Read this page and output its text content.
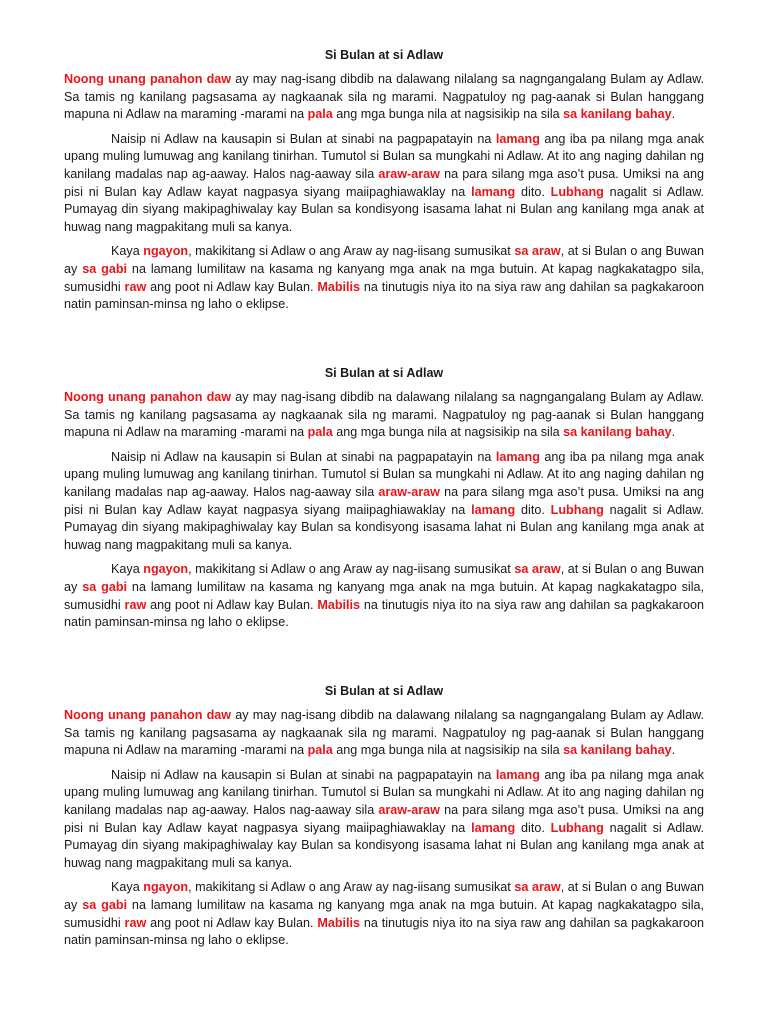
Si Bulan at si Adlaw

Noong unang panahon daw ay may nag-isang dibdib na dalawang nilalang sa nagngangalang Bulam ay Adlaw. Sa tamis ng kanilang pagsasama ay nagkaanak sila ng marami. Nagpatuloy ng pag-aanak si Bulan hanggang mapuna ni Adlaw na maraming -marami na pala ang mga bunga nila at nagsisikip na sila sa kanilang bahay.

Naisip ni Adlaw na kausapin si Bulan at sinabi na pagpapatayin na lamang ang iba pa nilang mga anak upang muling lumuwag ang kanilang tinirhan. Tumutol si Bulan sa mungkahi ni Adlaw. At ito ang naging dahilan ng kanilang madalas nap ag-aaway. Halos nag-aaway sila araw-araw na para silang mga aso’t pusa. Umiksi na ang pisi ni Bulan kay Adlaw kayat nagpasya siyang maiipaghiawaklay na lamang dito. Lubhang nagalit si Adlaw. Pumayag din siyang makipaghiwalay kay Bulan sa kondisyong isasama lahat ni Bulan ang kanilang mga anak at huwag nang magpakitang muli sa kanya.

Kaya ngayon, makikitang si Adlaw o ang Araw ay nag-iisang sumusikat sa araw, at si Bulan o ang Buwan ay sa gabi na lamang lumilitaw na kasama ng kanyang mga anak na mga butuin. At kapag nagkakatagpo sila, sumusidhi raw ang poot ni Adlaw kay Bulan. Mabilis na tinutugis niya ito na siya raw ang dahilan sa pagkakaroon natin paminsan-minsa ng laho o eklipse.

Si Bulan at si Adlaw

Noong unang panahon daw ay may nag-isang dibdib na dalawang nilalang sa nagngangalang Bulam ay Adlaw. Sa tamis ng kanilang pagsasama ay nagkaanak sila ng marami. Nagpatuloy ng pag-aanak si Bulan hanggang mapuna ni Adlaw na maraming -marami na pala ang mga bunga nila at nagsisikip na sila sa kanilang bahay.

Naisip ni Adlaw na kausapin si Bulan at sinabi na pagpapatayin na lamang ang iba pa nilang mga anak upang muling lumuwag ang kanilang tinirhan. Tumutol si Bulan sa mungkahi ni Adlaw. At ito ang naging dahilan ng kanilang madalas nap ag-aaway. Halos nag-aaway sila araw-araw na para silang mga aso’t pusa. Umiksi na ang pisi ni Bulan kay Adlaw kayat nagpasya siyang maiipaghiawaklay na lamang dito. Lubhang nagalit si Adlaw. Pumayag din siyang makipaghiwalay kay Bulan sa kondisyong isasama lahat ni Bulan ang kanilang mga anak at huwag nang magpakitang muli sa kanya.

Kaya ngayon, makikitang si Adlaw o ang Araw ay nag-iisang sumusikat sa araw, at si Bulan o ang Buwan ay sa gabi na lamang lumilitaw na kasama ng kanyang mga anak na mga butuin. At kapag nagkakatagpo sila, sumusidhi raw ang poot ni Adlaw kay Bulan. Mabilis na tinutugis niya ito na siya raw ang dahilan sa pagkakaroon natin paminsan-minsa ng laho o eklipse.

Si Bulan at si Adlaw

Noong unang panahon daw ay may nag-isang dibdib na dalawang nilalang sa nagngangalang Bulam ay Adlaw. Sa tamis ng kanilang pagsasama ay nagkaanak sila ng marami. Nagpatuloy ng pag-aanak si Bulan hanggang mapuna ni Adlaw na maraming -marami na pala ang mga bunga nila at nagsisikip na sila sa kanilang bahay.

Naisip ni Adlaw na kausapin si Bulan at sinabi na pagpapatayin na lamang ang iba pa nilang mga anak upang muling lumuwag ang kanilang tinirhan. Tumutol si Bulan sa mungkahi ni Adlaw. At ito ang naging dahilan ng kanilang madalas nap ag-aaway. Halos nag-aaway sila araw-araw na para silang mga aso’t pusa. Umiksi na ang pisi ni Bulan kay Adlaw kayat nagpasya siyang maiipaghiawaklay na lamang dito. Lubhang nagalit si Adlaw. Pumayag din siyang makipaghiwalay kay Bulan sa kondisyong isasama lahat ni Bulan ang kanilang mga anak at huwag nang magpakitang muli sa kanya.

Kaya ngayon, makikitang si Adlaw o ang Araw ay nag-iisang sumusikat sa araw, at si Bulan o ang Buwan ay sa gabi na lamang lumilitaw na kasama ng kanyang mga anak na mga butuin. At kapag nagkakatagpo sila, sumusidhi raw ang poot ni Adlaw kay Bulan. Mabilis na tinutugis niya ito na siya raw ang dahilan sa pagkakaroon natin paminsan-minsa ng laho o eklipse.
